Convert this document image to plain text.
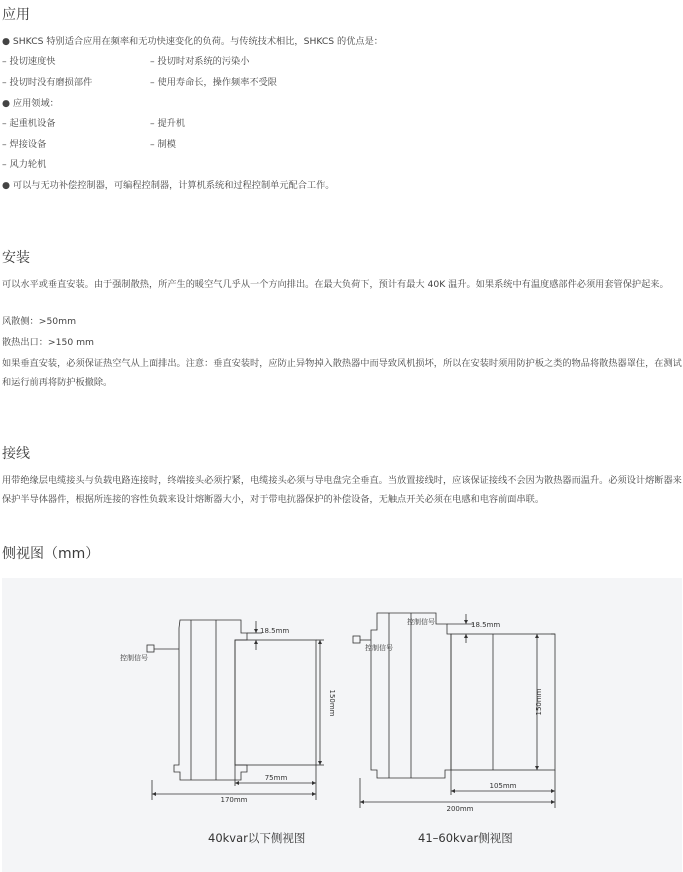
应用
● SHKCS 特别适合应用在频率和无功快速变化的负荷。与传统技术相比，SHKCS 的优点是：
– 投切速度快	– 投切时对系统的污染小
– 投切时没有磨损部件	– 使用寿命长，操作频率不受限
● 应用领域：
– 起重机设备	– 提升机
– 焊接设备	– 制模
– 风力轮机
● 可以与无功补偿控制器，可编程控制器，计算机系统和过程控制单元配合工作。
安装
可以水平或垂直安装。由于强制散热，所产生的暖空气几乎从一个方向排出。在最大负荷下，预计有最大 40K 温升。如果系统中有温度感部件必须用套管保护起来。
风散侧：>50mm
散热出口：>150 mm
如果垂直安装，必须保证热空气从上面排出。注意：垂直安装时，应防止异物掉入散热器中而导致风机损坏，所以在安装时须用防护板之类的物品将散热器罩住，在测试和运行前再将防护板撤除。
接线
用带绝缘层电缆接头与负载电路连接时，终端接头必须拧紧，电缆接头必须与导电盘完全垂直。当放置接线时，应该保证接线不会因为散热器而温升。必须设计熔断器来保护半导体器件，根据所连接的容性负载来设计熔断器大小，对于带电抗器保护的补偿设备，无触点开关必须在电感和电容前面串联。
侧视图（mm）
控制信号
18.5mm
150mm
75mm
170mm
控制信号
控制信号	18.5mm
150mm
105mm
200mm
40kvar以下侧视图	41–60kvar侧视图
